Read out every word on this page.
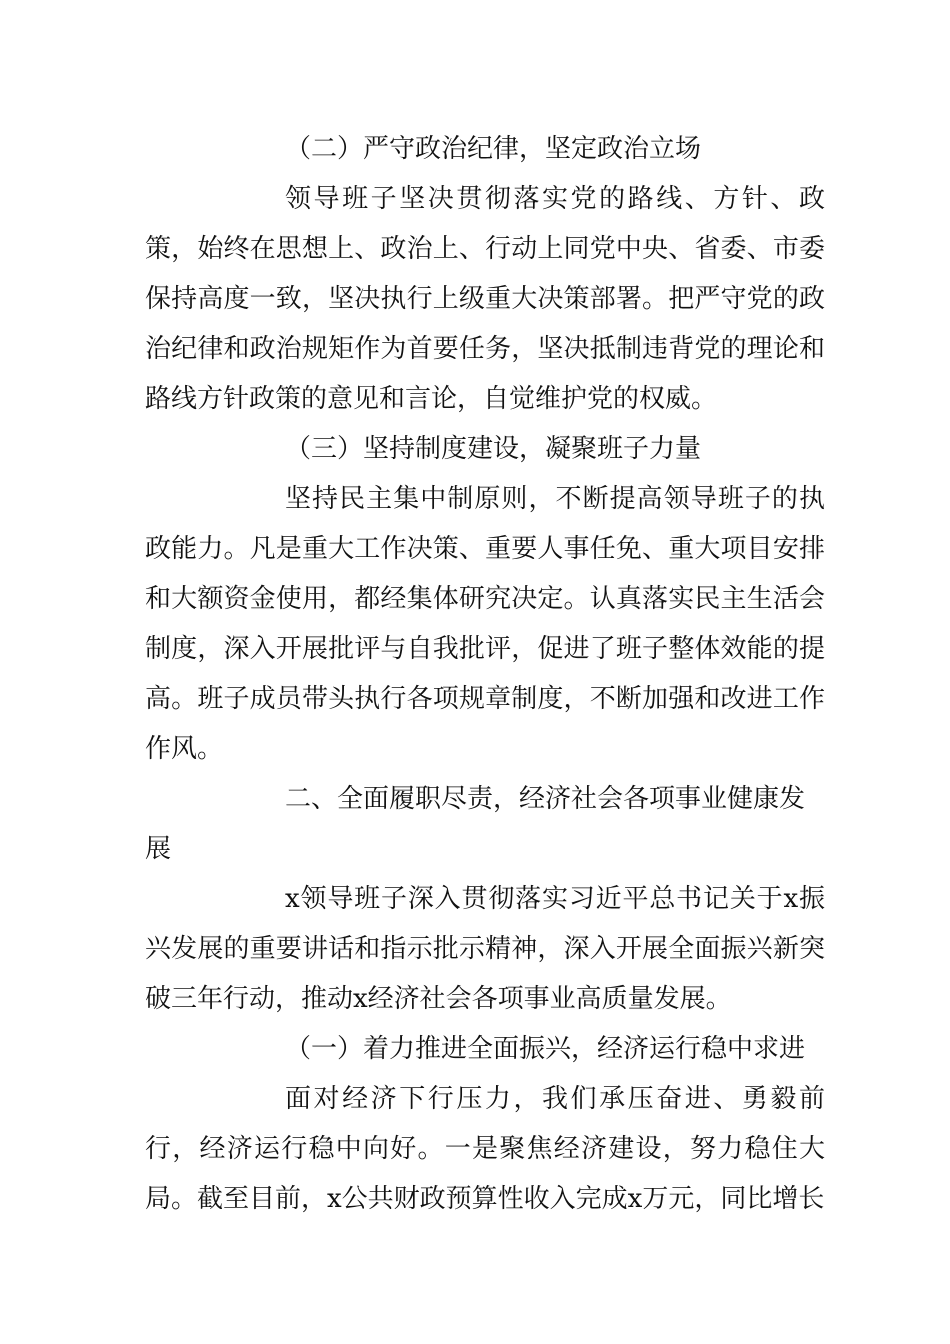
（二）严守政治纪律，坚定政治立场

领导班子坚决贯彻落实党的路线、方针、政策，始终在思想上、政治上、行动上同党中央、省委、市委保持高度一致，坚决执行上级重大决策部署。把严守党的政治纪律和政治规矩作为首要任务，坚决抵制违背党的理论和路线方针政策的意见和言论，自觉维护党的权威。

（三）坚持制度建设，凝聚班子力量

坚持民主集中制原则，不断提高领导班子的执政能力。凡是重大工作决策、重要人事任免、重大项目安排和大额资金使用，都经集体研究决定。认真落实民主生活会制度，深入开展批评与自我批评，促进了班子整体效能的提高。班子成员带头执行各项规章制度，不断加强和改进工作作风。

二、全面履职尽责，经济社会各项事业健康发展

x领导班子深入贯彻落实习近平总书记关于x振兴发展的重要讲话和指示批示精神，深入开展全面振兴新突破三年行动，推动x经济社会各项事业高质量发展。

（一）着力推进全面振兴，经济运行稳中求进

面对经济下行压力，我们承压奋进、勇毅前行，经济运行稳中向好。一是聚焦经济建设，努力稳住大局。截至目前，x公共财政预算性收入完成x万元，同比增长
